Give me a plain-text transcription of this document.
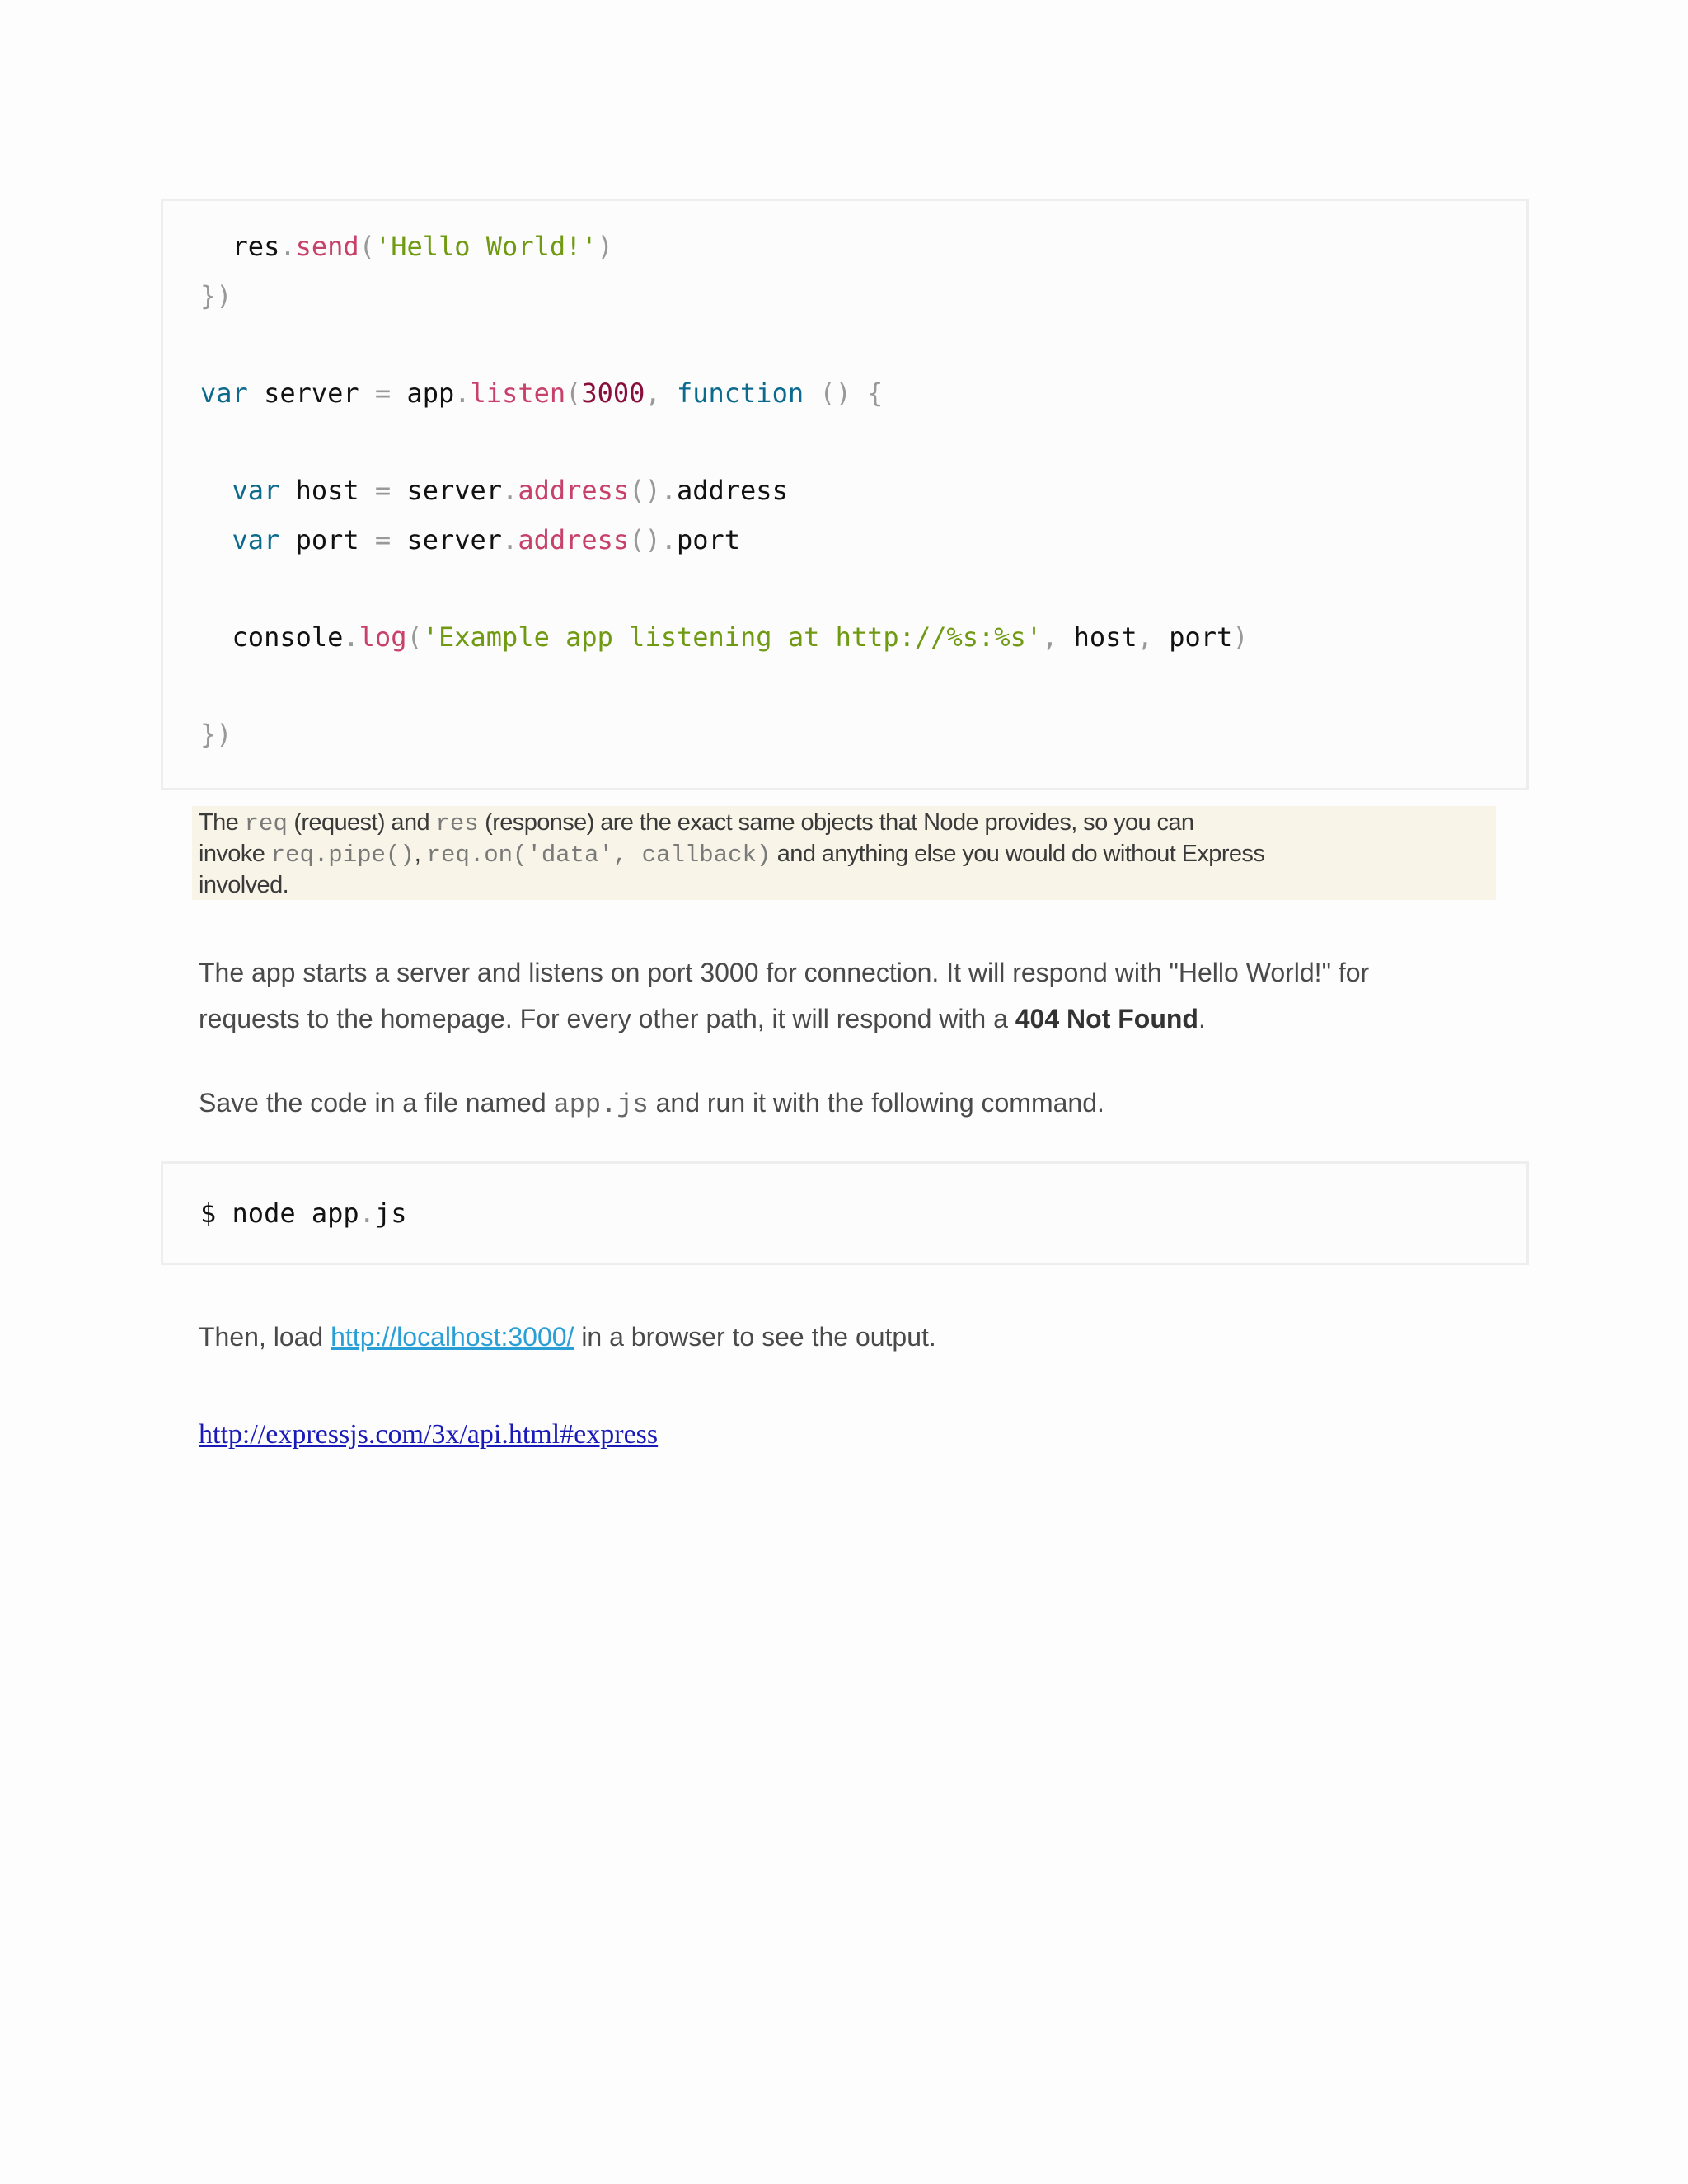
res.send('Hello World!')
})
var server = app.listen(3000, function () {
var host = server.address().address
var port = server.address().port
console.log('Example app listening at http://%s:%s', host, port)
})
The req (request) and res (response) are the exact same objects that Node provides, so you can
invoke req.pipe(), req.on('data', callback) and anything else you would do without Express
involved.
The app starts a server and listens on port 3000 for connection. It will respond with "Hello World!" for
requests to the homepage. For every other path, it will respond with a 404 Not Found.
Save the code in a file named app.js and run it with the following command.
$ node app.js
Then, load http://localhost:3000/ in a browser to see the output.
http://expressjs.com/3x/api.html#express
